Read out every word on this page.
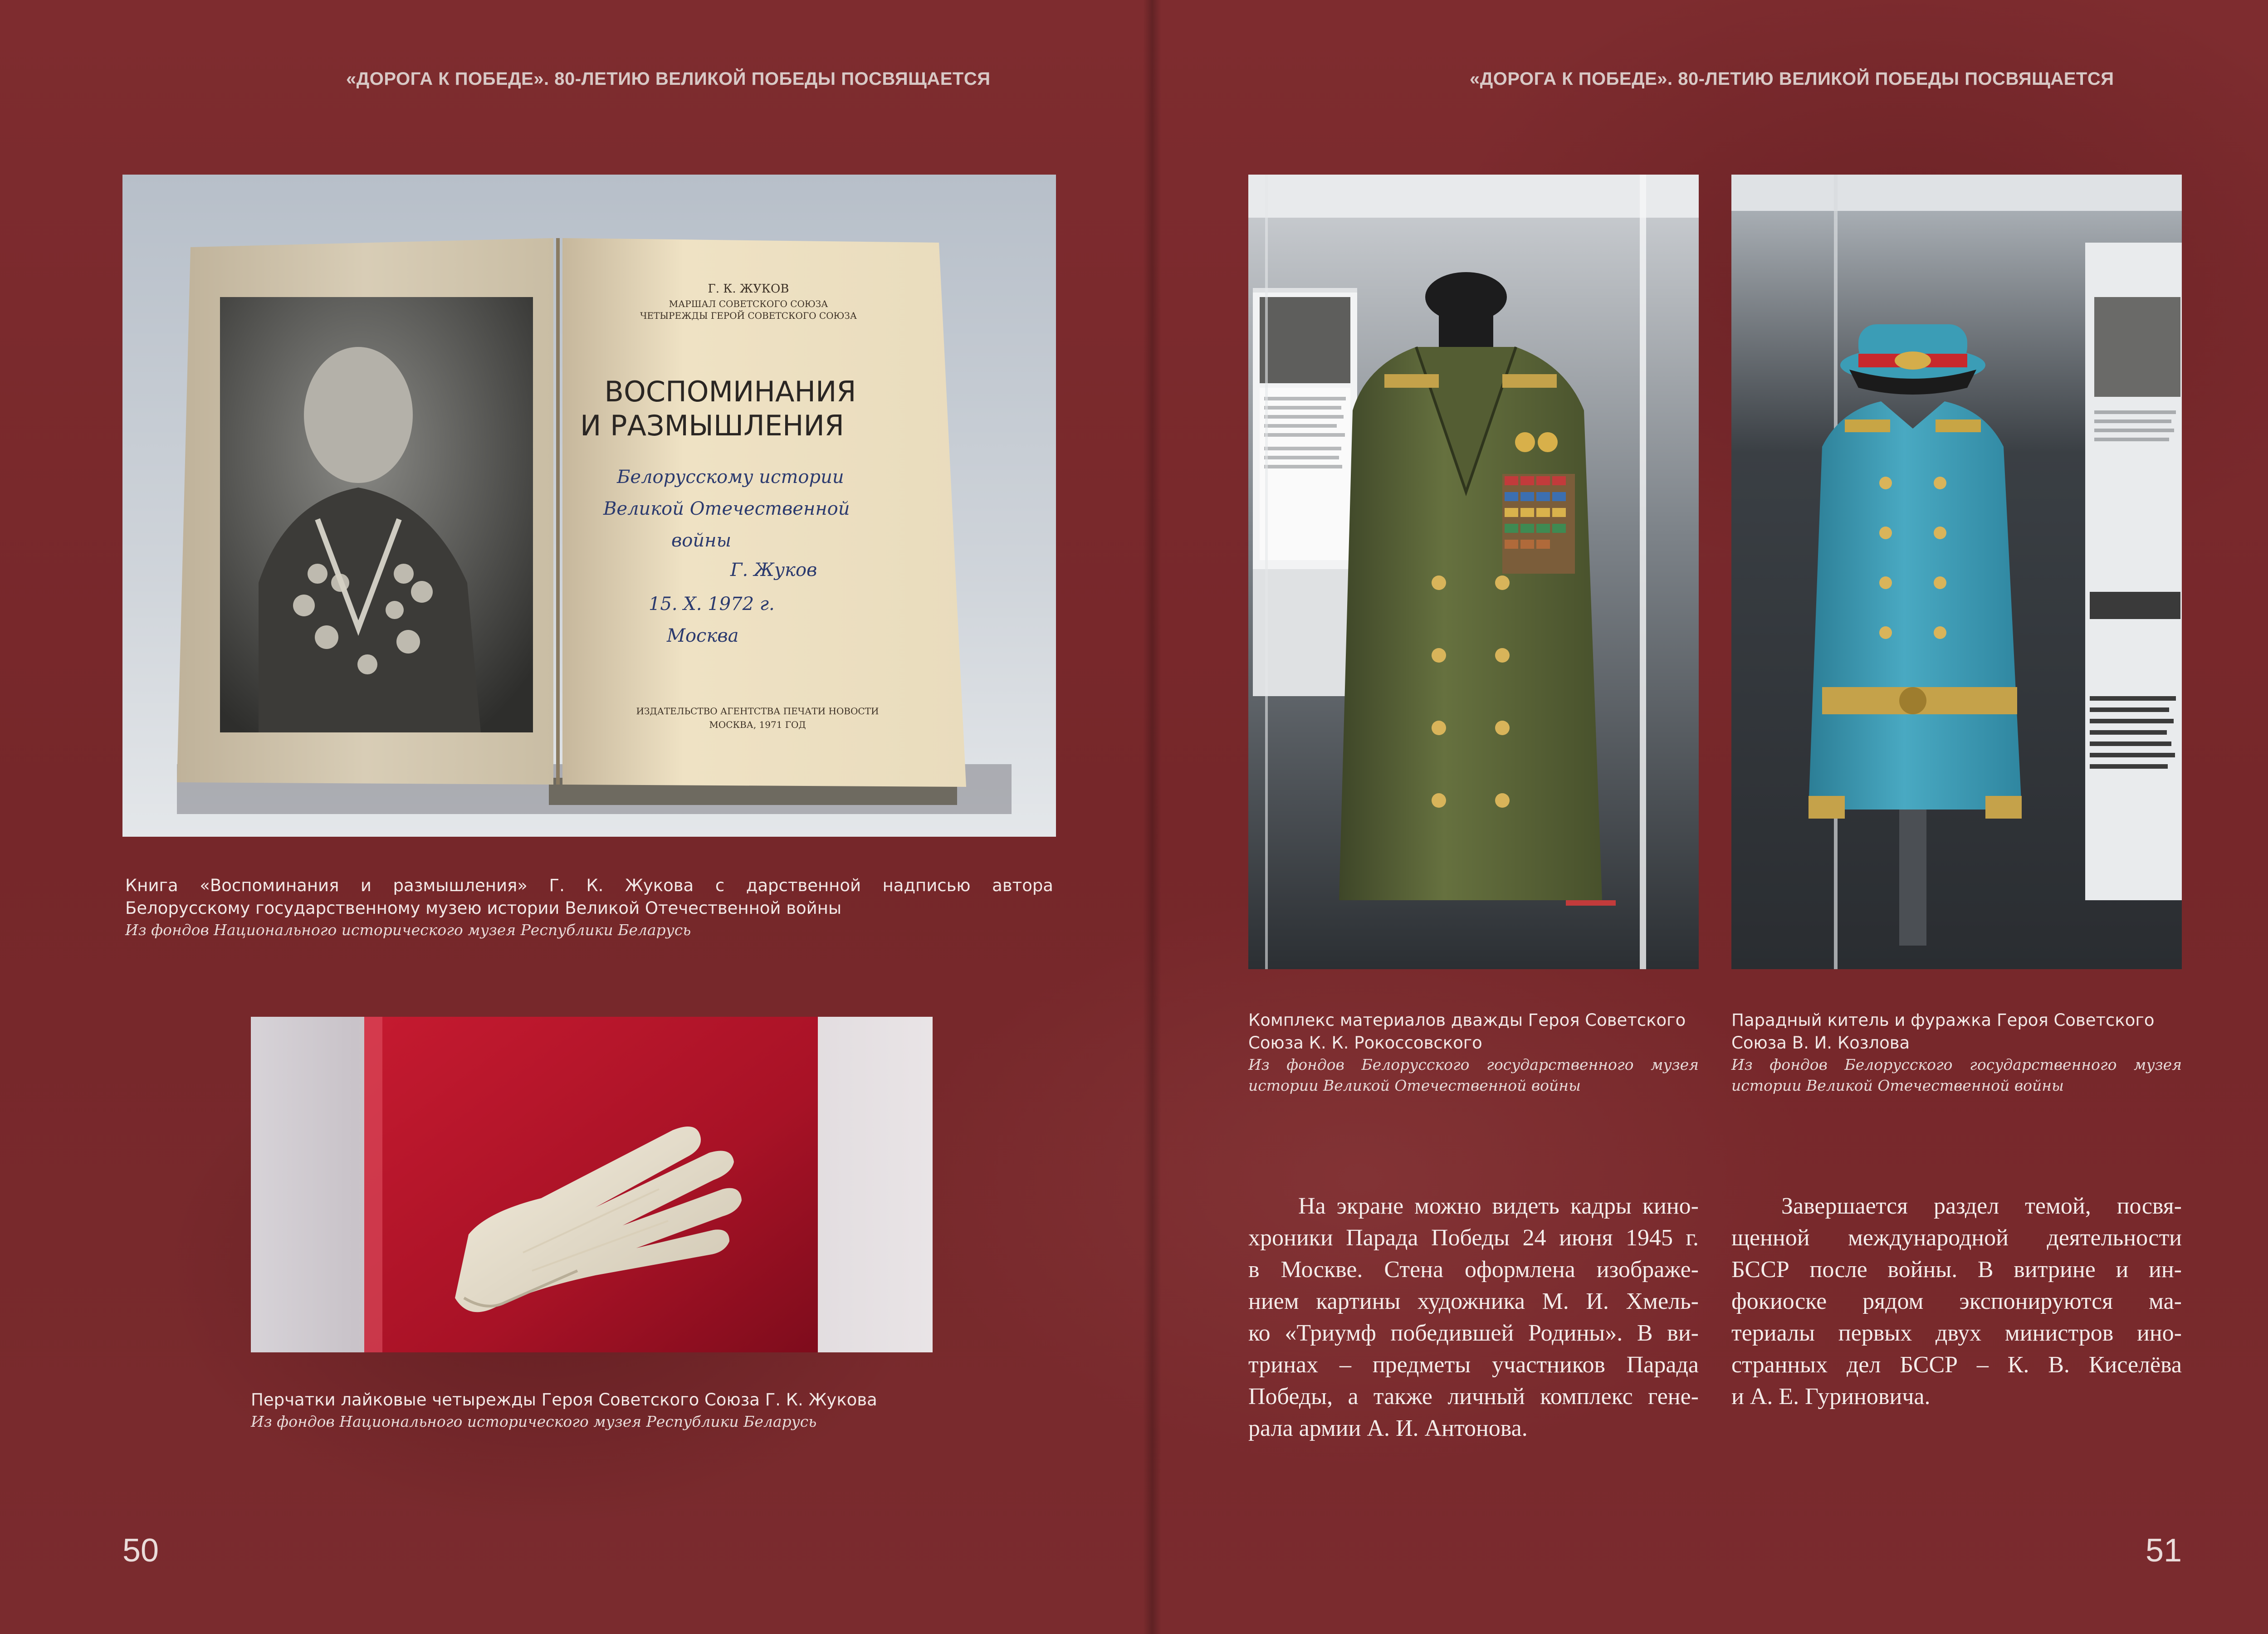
«ДОРОГА К ПОБЕДЕ». 80-ЛЕТИЮ ВЕЛИКОЙ ПОБЕДЫ ПОСВЯЩАЕТСЯ	«ДОРОГА К ПОБЕДЕ». 80-ЛЕТИЮ ВЕЛИКОЙ ПОБЕДЫ ПОСВЯЩАЕТСЯ
Г. К. ЖУКОВ
МАРШАЛ СОВЕТСКОГО СОЮЗА
ЧЕТЫРЕЖДЫ ГЕРОЙ СОВЕТСКОГО СОЮЗА
ВОСПОМИНАНИЯ
И РАЗМЫШЛЕНИЯ
Белорусскому истории
Великой Отечественной
войны
Г. Жуков
15. X. 1972 г.
Москва
ИЗДАТЕЛЬСТВО АГЕНТСТВА ПЕЧАТИ НОВОСТИ
МОСКВА, 1971 ГОД
Книга «Воспоминания и размышления» Г. К. Жукова с дарственной надписью автора
Белорусскому государственному музею истории Великой Отечественной войны
Из фондов Национального исторического музея Республики Беларусь
Перчатки лайковые четырежды Героя Советского Союза Г. К. Жукова
Из фондов Национального исторического музея Республики Беларусь
50
Комплекс материалов дважды Героя Советского
Союза К. К. Рокоссовского
Из фондов Белорусского государственного музея
истории Великой Отечественной войны
Парадный китель и фуражка Героя Советского
Союза В. И. Козлова
Из фондов Белорусского государственного музея
истории Великой Отечественной войны
На экране можно видеть кадры кино-
хроники Парада Победы 24 июня 1945 г.
в Москве. Стена оформлена изображе-
нием картины художника М. И. Хмель-
ко «Триумф победившей Родины». В ви-
тринах – предметы участников Парада
Победы, а также личный комплекс гене-
рала армии А. И. Антонова.
Завершается раздел темой, посвя-
щенной международной деятельности
БССР после войны. В витрине и ин-
фокиоске рядом экспонируются ма-
териалы первых двух министров ино-
странных дел БССР – К. В. Киселёва
и А. Е. Гуриновича.
51
